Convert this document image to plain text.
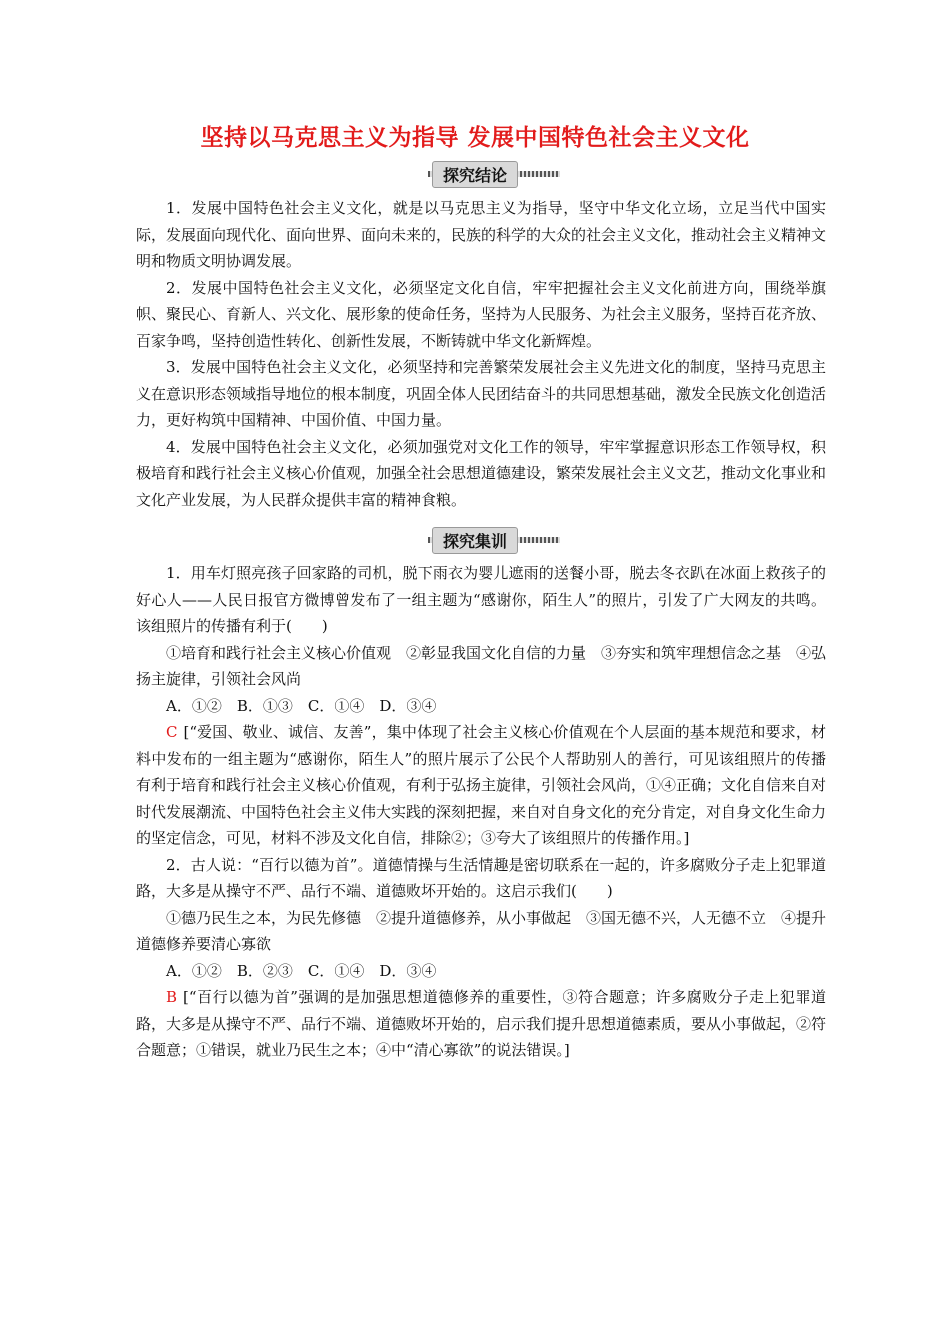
坚持以马克思主义为指导 发展中国特色社会主义文化
探究结论

1．发展中国特色社会主义文化，就是以马克思主义为指导，坚守中华文化立场，立足当代中国实际，发展面向现代化、面向世界、面向未来的，民族的科学的大众的社会主义文化，推动社会主义精神文明和物质文明协调发展。

2．发展中国特色社会主义文化，必须坚定文化自信，牢牢把握社会主义文化前进方向，围绕举旗帜、聚民心、育新人、兴文化、展形象的使命任务，坚持为人民服务、为社会主义服务，坚持百花齐放、百家争鸣，坚持创造性转化、创新性发展，不断铸就中华文化新辉煌。

3．发展中国特色社会主义文化，必须坚持和完善繁荣发展社会主义先进文化的制度，坚持马克思主义在意识形态领域指导地位的根本制度，巩固全体人民团结奋斗的共同思想基础，激发全民族文化创造活力，更好构筑中国精神、中国价值、中国力量。

4．发展中国特色社会主义文化，必须加强党对文化工作的领导，牢牢掌握意识形态工作领导权，积极培育和践行社会主义核心价值观，加强全社会思想道德建设，繁荣发展社会主义文艺，推动文化事业和文化产业发展，为人民群众提供丰富的精神食粮。

探究集训

1．用车灯照亮孩子回家路的司机，脱下雨衣为婴儿遮雨的送餐小哥，脱去冬衣趴在冰面上救孩子的好心人——人民日报官方微博曾发布了一组主题为“感谢你，陌生人”的照片，引发了广大网友的共鸣。该组照片的传播有利于(　　)

①培育和践行社会主义核心价值观　②彰显我国文化自信的力量　③夯实和筑牢理想信念之基　④弘扬主旋律，引领社会风尚

A．①②　B．①③　C．①④　D．③④

C [“爱国、敬业、诚信、友善”，集中体现了社会主义核心价值观在个人层面的基本规范和要求，材料中发布的一组主题为“感谢你，陌生人”的照片展示了公民个人帮助别人的善行，可见该组照片的传播有利于培育和践行社会主义核心价值观，有利于弘扬主旋律，引领社会风尚，①④正确；文化自信来自对时代发展潮流、中国特色社会主义伟大实践的深刻把握，来自对自身文化的充分肯定，对自身文化生命力的坚定信念，可见，材料不涉及文化自信，排除②；③夸大了该组照片的传播作用。]

2．古人说：“百行以德为首”。道德情操与生活情趣是密切联系在一起的，许多腐败分子走上犯罪道路，大多是从操守不严、品行不端、道德败坏开始的。这启示我们(　　)

①德乃民生之本，为民先修德　②提升道德修养，从小事做起　③国无德不兴，人无德不立　④提升道德修养要清心寡欲

A．①②　B．②③　C．①④　D．③④

B [“百行以德为首”强调的是加强思想道德修养的重要性，③符合题意；许多腐败分子走上犯罪道路，大多是从操守不严、品行不端、道德败坏开始的，启示我们提升思想道德素质，要从小事做起，②符合题意；①错误，就业乃民生之本；④中“清心寡欲”的说法错误。]
